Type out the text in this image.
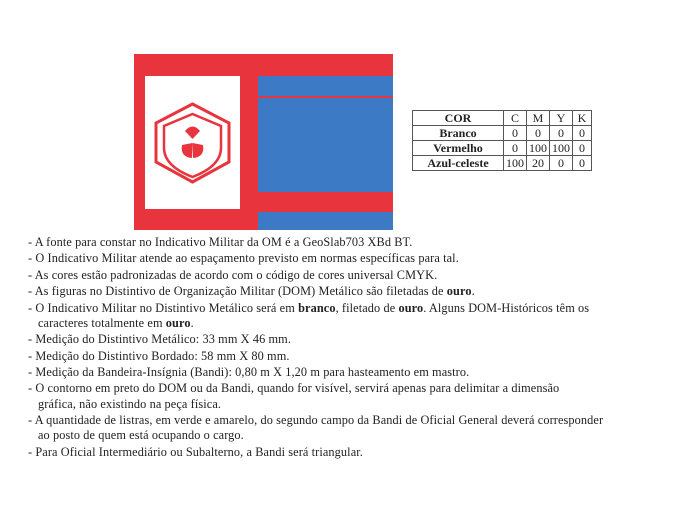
COR	C	M	Y	K
Branco	0	0	0	0
Vermelho	0	100	100	0
Azul-celeste	100	20	0	0
- A fonte para constar no Indicativo Militar da OM é a GeoSlab703 XBd BT.
- O Indicativo Militar atende ao espaçamento previsto em normas específicas para tal.
- As cores estão padronizadas de acordo com o código de cores universal CMYK.
- As figuras no Distintivo de Organização Militar (DOM) Metálico são filetadas de ouro.
- O Indicativo Militar no Distintivo Metálico será em branco, filetado de ouro. Alguns DOM-Históricos têm os
caracteres totalmente em ouro.
- Medição do Distintivo Metálico: 33 mm X 46 mm.
- Medição do Distintivo Bordado: 58 mm X 80 mm.
- Medição da Bandeira-Insígnia (Bandi): 0,80 m X 1,20 m para hasteamento em mastro.
- O contorno em preto do DOM ou da Bandi, quando for visível, servirá apenas para delimitar a dimensão
gráfica, não existindo na peça física.
- A quantidade de listras, em verde e amarelo, do segundo campo da Bandi de Oficial General deverá corresponder
ao posto de quem está ocupando o cargo.
- Para Oficial Intermediário ou Subalterno, a Bandi será triangular.
